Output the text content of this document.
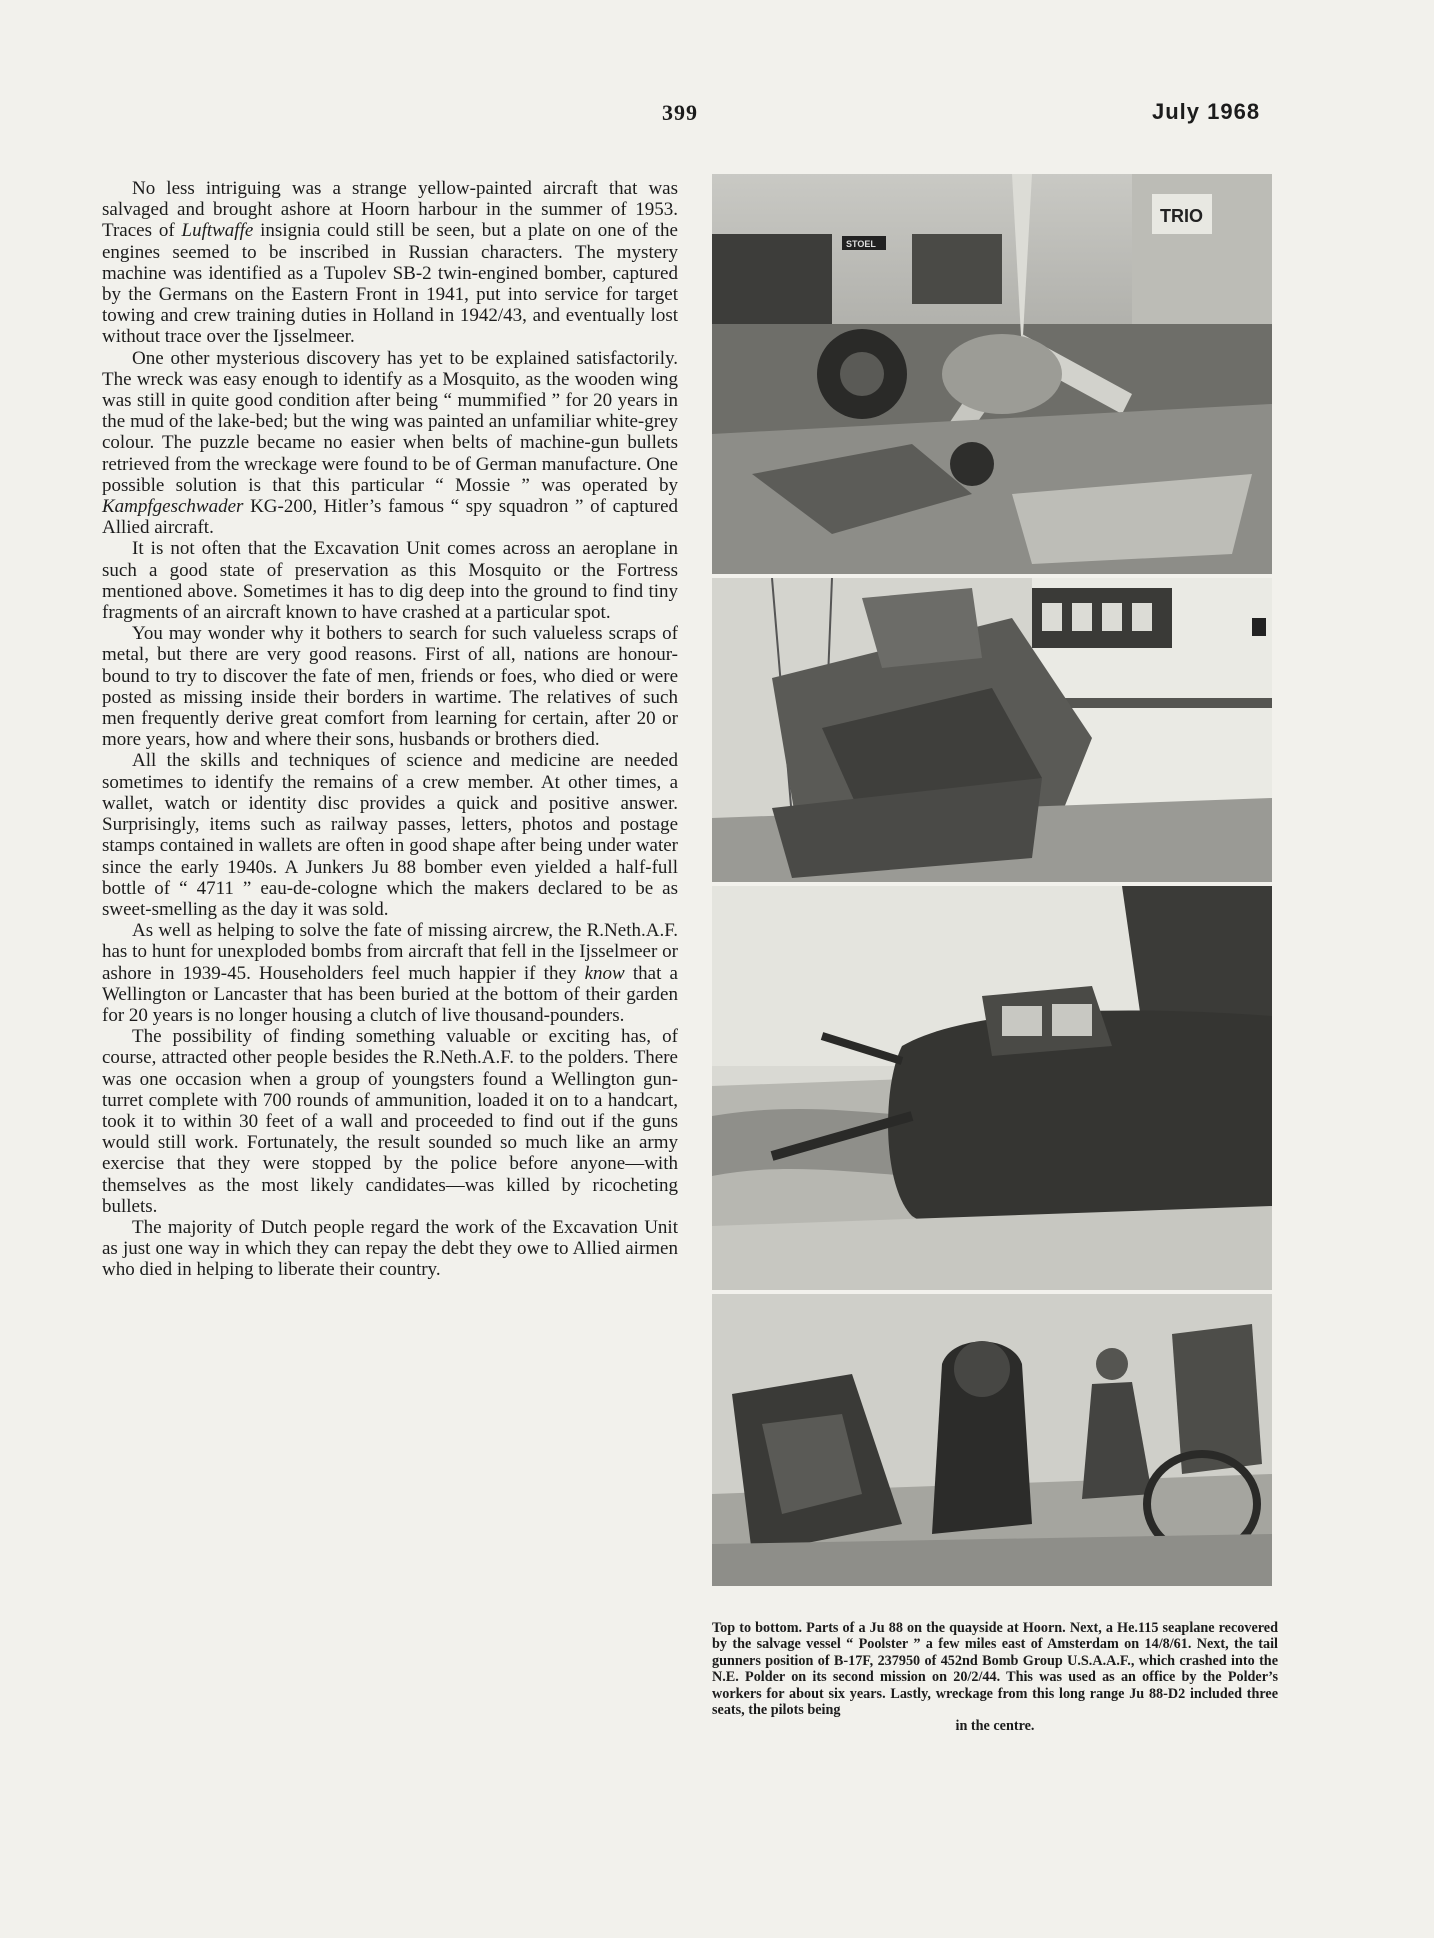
399	July 1968

No less intriguing was a strange yellow-painted aircraft that was salvaged and brought ashore at Hoorn harbour in the summer of 1953. Traces of Luftwaffe insignia could still be seen, but a plate on one of the engines seemed to be inscribed in Russian characters. The mystery machine was identified as a Tupolev SB-2 twin-engined bomber, captured by the Germans on the Eastern Front in 1941, put into service for target towing and crew training duties in Holland in 1942/43, and eventually lost without trace over the Ijsselmeer.

One other mysterious discovery has yet to be explained satisfactorily. The wreck was easy enough to identify as a Mosquito, as the wooden wing was still in quite good condition after being “ mummified ” for 20 years in the mud of the lake-bed; but the wing was painted an unfamiliar white-grey colour. The puzzle became no easier when belts of machine-gun bullets retrieved from the wreckage were found to be of German manufacture. One possible solution is that this particular “ Mossie ” was operated by Kampfgeschwader KG-200, Hitler’s famous “ spy squadron ” of captured Allied aircraft.

It is not often that the Excavation Unit comes across an aeroplane in such a good state of preservation as this Mosquito or the Fortress mentioned above. Sometimes it has to dig deep into the ground to find tiny fragments of an aircraft known to have crashed at a particular spot.

You may wonder why it bothers to search for such valueless scraps of metal, but there are very good reasons. First of all, nations are honour-bound to try to discover the fate of men, friends or foes, who died or were posted as missing inside their borders in wartime. The relatives of such men frequently derive great comfort from learning for certain, after 20 or more years, how and where their sons, husbands or brothers died.

All the skills and techniques of science and medicine are needed sometimes to identify the remains of a crew member. At other times, a wallet, watch or identity disc provides a quick and positive answer. Surprisingly, items such as railway passes, letters, photos and postage stamps contained in wallets are often in good shape after being under water since the early 1940s. A Junkers Ju 88 bomber even yielded a half-full bottle of “ 4711 ” eau-de-cologne which the makers declared to be as sweet-smelling as the day it was sold.

As well as helping to solve the fate of missing aircrew, the R.Neth.A.F. has to hunt for unexploded bombs from aircraft that fell in the Ijsselmeer or ashore in 1939-45. Householders feel much happier if they know that a Wellington or Lancaster that has been buried at the bottom of their garden for 20 years is no longer housing a clutch of live thousand-pounders.

The possibility of finding something valuable or exciting has, of course, attracted other people besides the R.Neth.A.F. to the polders. There was one occasion when a group of youngsters found a Wellington gun-turret complete with 700 rounds of ammunition, loaded it on to a handcart, took it to within 30 feet of a wall and proceeded to find out if the guns would still work. Fortunately, the result sounded so much like an army exercise that they were stopped by the police before anyone—with themselves as the most likely candidates—was killed by ricocheting bullets.

The majority of Dutch people regard the work of the Excavation Unit as just one way in which they can repay the debt they owe to Allied airmen who died in helping to liberate their country.

TRIO
STOEL
Top to bottom. Parts of a Ju 88 on the quayside at Hoorn. Next, a He.115 seaplane recovered by the salvage vessel “ Poolster ” a few miles east of Amsterdam on 14/8/61. Next, the tail gunners position of B-17F, 237950 of 452nd Bomb Group U.S.A.A.F., which crashed into the N.E. Polder on its second mission on 20/2/44. This was used as an office by the Polder’s workers for about six years. Lastly, wreckage from this long range Ju 88-D2 included three seats, the pilots being
in the centre.
